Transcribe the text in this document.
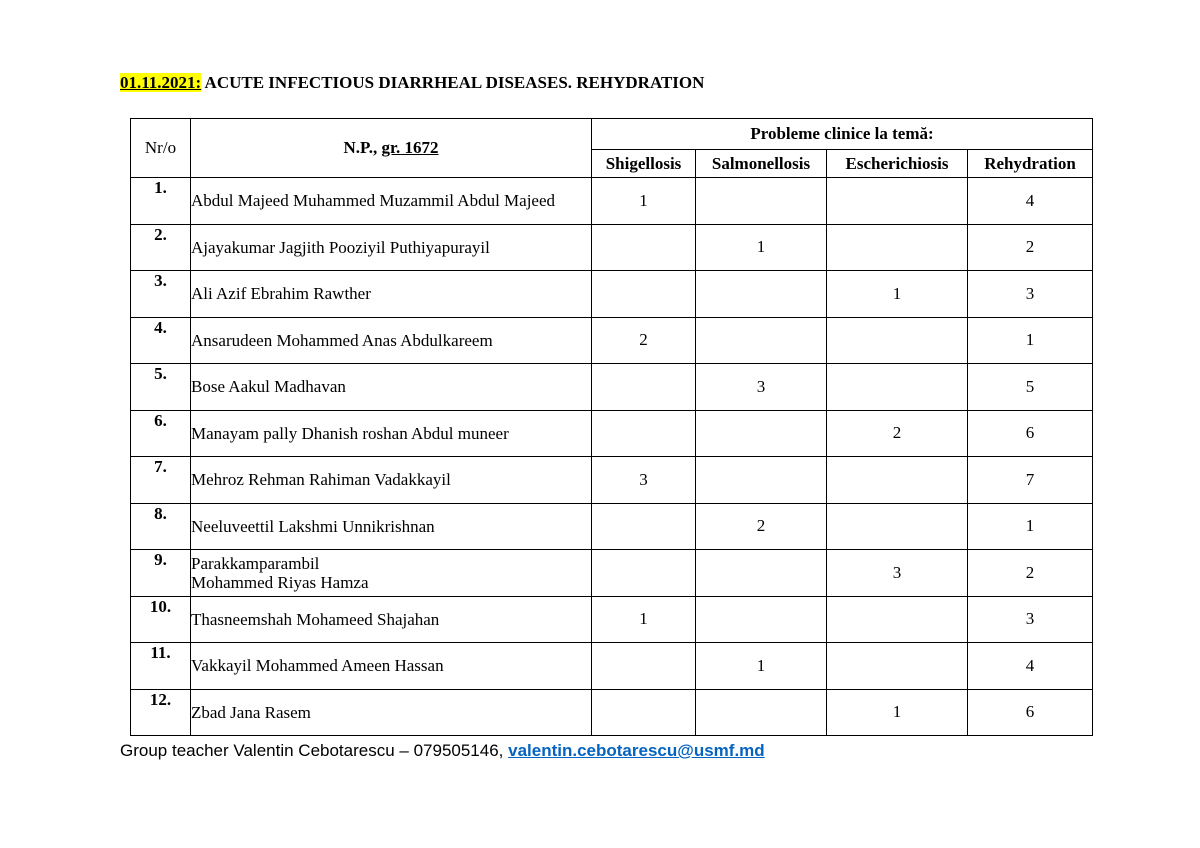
01.11.2021: ACUTE INFECTIOUS DIARRHEAL DISEASES. REHYDRATION
Nr/o	N.P., gr. 1672	Probleme clinice la temă:			
		Shigellosis	Salmonellosis	Escherichiosis	Rehydration
1.	Abdul Majeed Muhammed Muzammil Abdul Majeed	1			4
2.	Ajayakumar Jagjith Pooziyil Puthiyapurayil		1		2
3.	Ali Azif Ebrahim Rawther			1	3
4.	Ansarudeen Mohammed Anas Abdulkareem	2			1
5.	Bose Aakul Madhavan		3		5
6.	Manayam pally Dhanish roshan Abdul muneer			2	6
7.	Mehroz Rehman Rahiman Vadakkayil	3			7
8.	Neeluveettil Lakshmi Unnikrishnan		2		1
9.	Parakkamparambil
Mohammed Riyas Hamza			3	2
10.	Thasneemshah Mohameed Shajahan	1			3
11.	Vakkayil Mohammed Ameen Hassan		1		4
12.	Zbad Jana Rasem			1	6
Group teacher Valentin Cebotarescu – 079505146, valentin.cebotarescu@usmf.md
